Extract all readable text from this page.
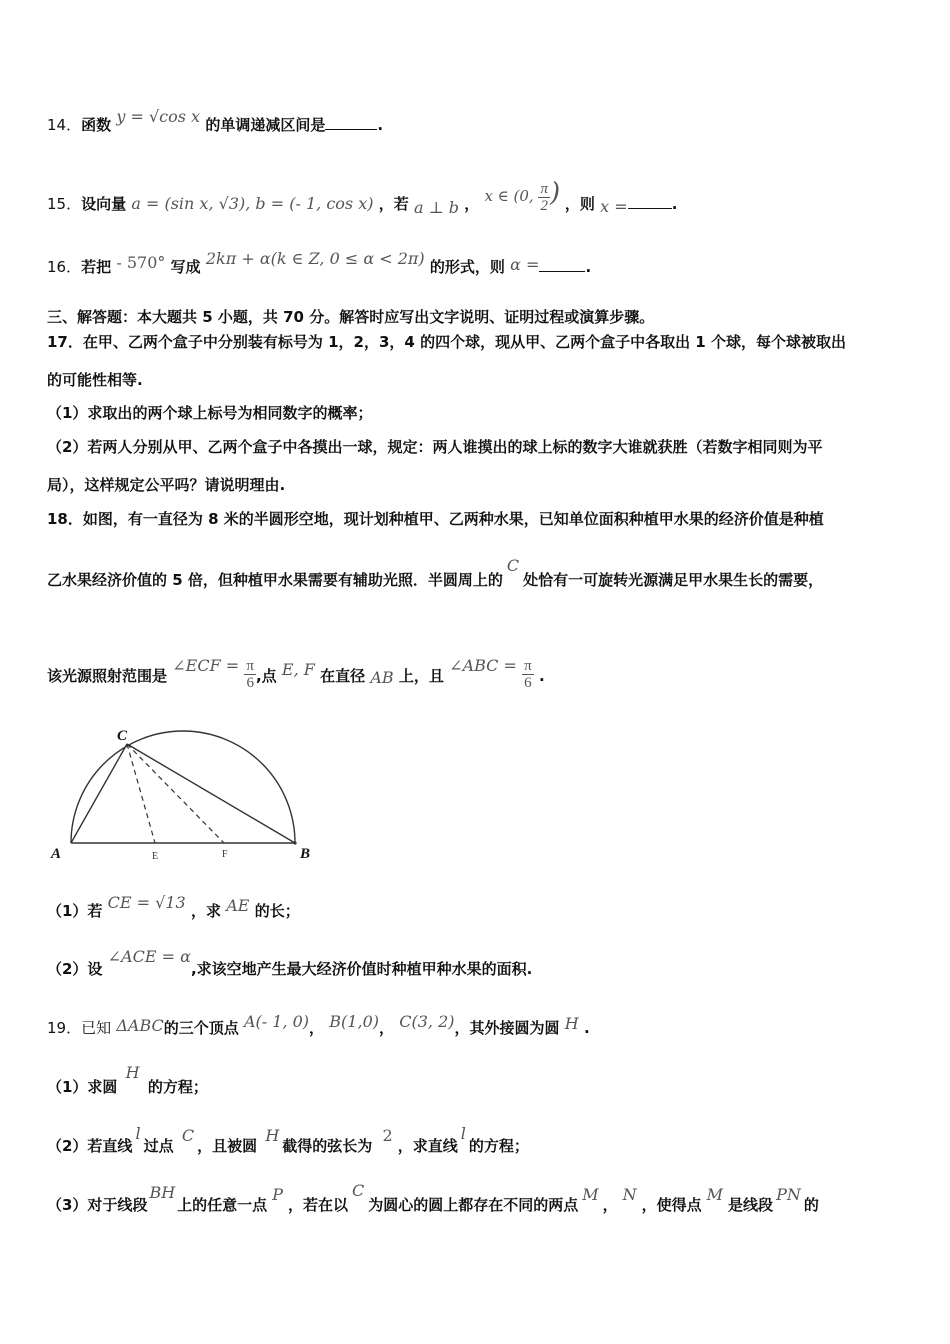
14．函数 y = √cos x 的单调递减区间是	.
15．设向量 a = (sin x, √3), b = (- 1, cos x) ，若 a ⊥ b ， x ∈ (0, $\frac{\pi}{2}$ ) ，则 x =	.
16．若把 - 570° 写成 2kπ + α(k ∈ Z, 0 ≤ α < 2π) 的形式，则 α =	.
三、解答题：本大题共 5 小题，共 70 分。解答时应写出文字说明、证明过程或演算步骤。
17．在甲、乙两个盒子中分别装有标号为 1，2，3，4 的四个球，现从甲、乙两个盒子中各取出 1 个球，每个球被取出
的可能性相等.
（1）求取出的两个球上标号为相同数字的概率；
（2）若两人分别从甲、乙两个盒子中各摸出一球，规定：两人谁摸出的球上标的数字大谁就获胜（若数字相同则为平
局），这样规定公平吗？请说明理由.
18．如图，有一直径为 8 米的半圆形空地，现计划种植甲、乙两种水果，已知单位面积种植甲水果的经济价值是种植
乙水果经济价值的 5 倍，但种植甲水果需要有辅助光照．半圆周上的C处恰有一可旋转光源满足甲水果生长的需要，
该光源照射范围是 ∠ECF = $\frac{\pi}{6}$ ,点 E, F 在直径 AB 上，且 ∠ABC = $\frac{\pi}{6}$ .
C
A	B
E	F
（1）若 CE = √13 ，求 AE 的长；
（2）设 ∠ACE = α,求该空地产生最大经济价值时种植甲种水果的面积.
19．已知 ΔABC的三个顶点 A(- 1, 0)， B(1,0)， C(3, 2)，其外接圆为圆 H .
（1）求圆 H 的方程；
（2）若直线l过点 C，且被圆 H截得的弦长为 2，求直线l的方程；
（3）对于线段BH上的任意一点P，若在以C为圆心的圆上都存在不同的两点M，N，使得点M是线段PN的
